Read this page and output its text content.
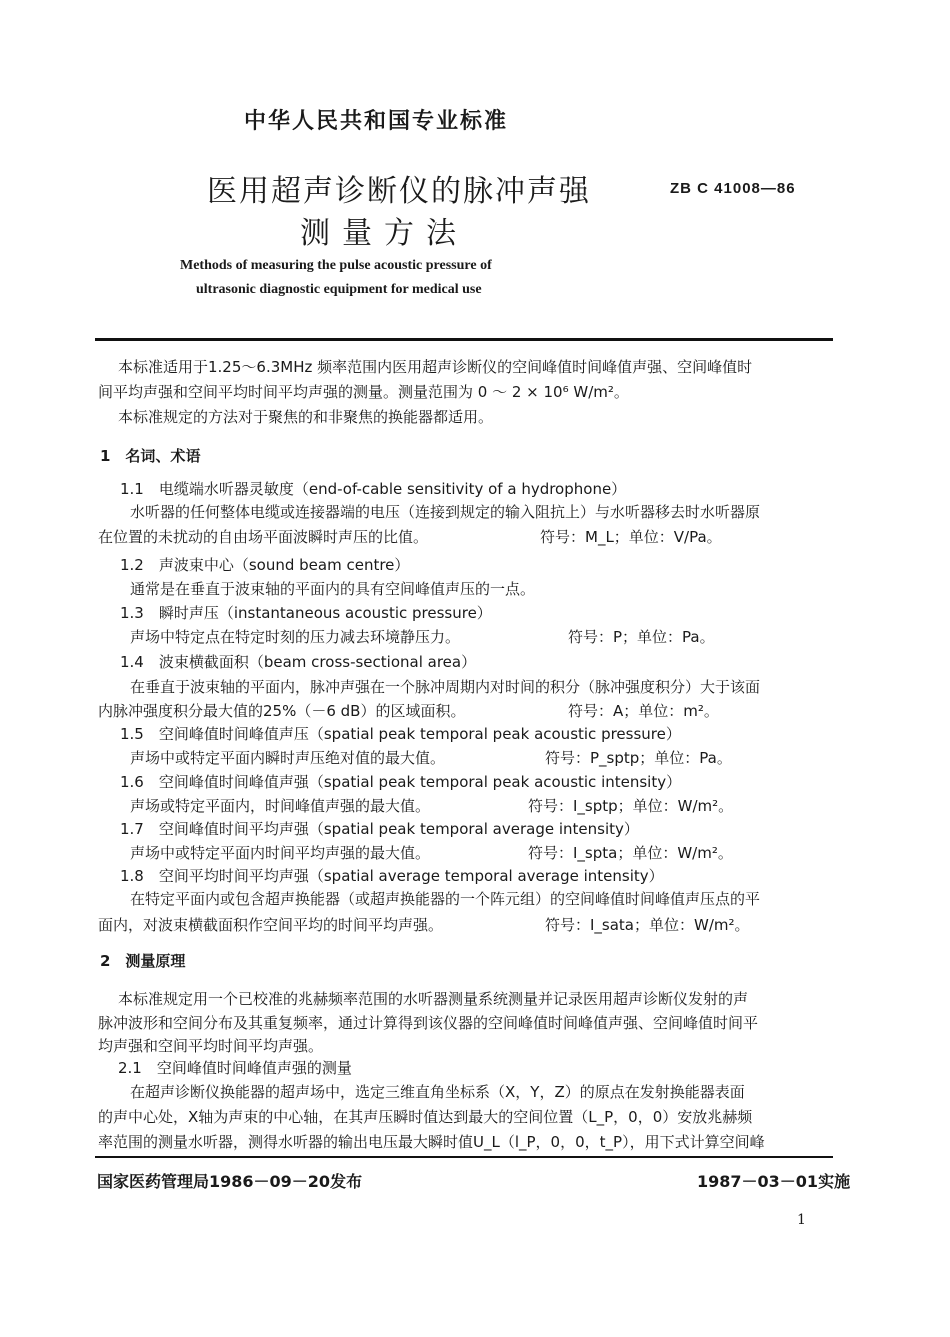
中华人民共和国专业标准
医用超声诊断仪的脉冲声强
测量方法
ZB C 41008—86
Methods of measuring the pulse acoustic pressure of
ultrasonic diagnostic equipment for medical use
本标准适用于1.25～6.3MHz 频率范围内医用超声诊断仪的空间峰值时间峰值声强、空间峰值时
间平均声强和空间平均时间平均声强的测量。测量范围为 0 ～ 2 × 10⁶ W/m²。
本标准规定的方法对于聚焦的和非聚焦的换能器都适用。
1　名词、术语
1.1　电缆端水听器灵敏度（end-of-cable sensitivity of a hydrophone）
水听器的任何整体电缆或连接器端的电压（连接到规定的输入阻抗上）与水听器移去时水听器原
在位置的未扰动的自由场平面波瞬时声压的比值。	符号：M_L；单位：V/Pa。
1.2　声波束中心（sound beam centre）
通常是在垂直于波束轴的平面内的具有空间峰值声压的一点。
1.3　瞬时声压（instantaneous acoustic pressure）
声场中特定点在特定时刻的压力减去环境静压力。	符号：P；单位：Pa。
1.4　波束横截面积（beam cross-sectional area）
在垂直于波束轴的平面内，脉冲声强在一个脉冲周期内对时间的积分（脉冲强度积分）大于该面
内脉冲强度积分最大值的25%（－6 dB）的区域面积。	符号：A；单位：m²。
1.5　空间峰值时间峰值声压（spatial peak temporal peak acoustic pressure）
声场中或特定平面内瞬时声压绝对值的最大值。	符号：P_sptp；单位：Pa。
1.6　空间峰值时间峰值声强（spatial peak temporal peak acoustic intensity）
声场或特定平面内，时间峰值声强的最大值。	符号：I_sptp；单位：W/m²。
1.7　空间峰值时间平均声强（spatial peak temporal average intensity）
声场中或特定平面内时间平均声强的最大值。	符号：I_spta；单位：W/m²。
1.8　空间平均时间平均声强（spatial average temporal average intensity）
在特定平面内或包含超声换能器（或超声换能器的一个阵元组）的空间峰值时间峰值声压点的平
面内，对波束横截面积作空间平均的时间平均声强。	符号：I_sata；单位：W/m²。
2　测量原理
本标准规定用一个已校准的兆赫频率范围的水听器测量系统测量并记录医用超声诊断仪发射的声
脉冲波形和空间分布及其重复频率，通过计算得到该仪器的空间峰值时间峰值声强、空间峰值时间平
均声强和空间平均时间平均声强。
2.1　空间峰值时间峰值声强的测量
在超声诊断仪换能器的超声场中，选定三维直角坐标系（X，Y，Z）的原点在发射换能器表面
的声中心处，X轴为声束的中心轴，在其声压瞬时值达到最大的空间位置（L_P，0，0）安放兆赫频
率范围的测量水听器，测得水听器的输出电压最大瞬时值U_L（l_P，0，0，t_P），用下式计算空间峰
国家医药管理局1986－09－20发布	1987－03－01实施
1
